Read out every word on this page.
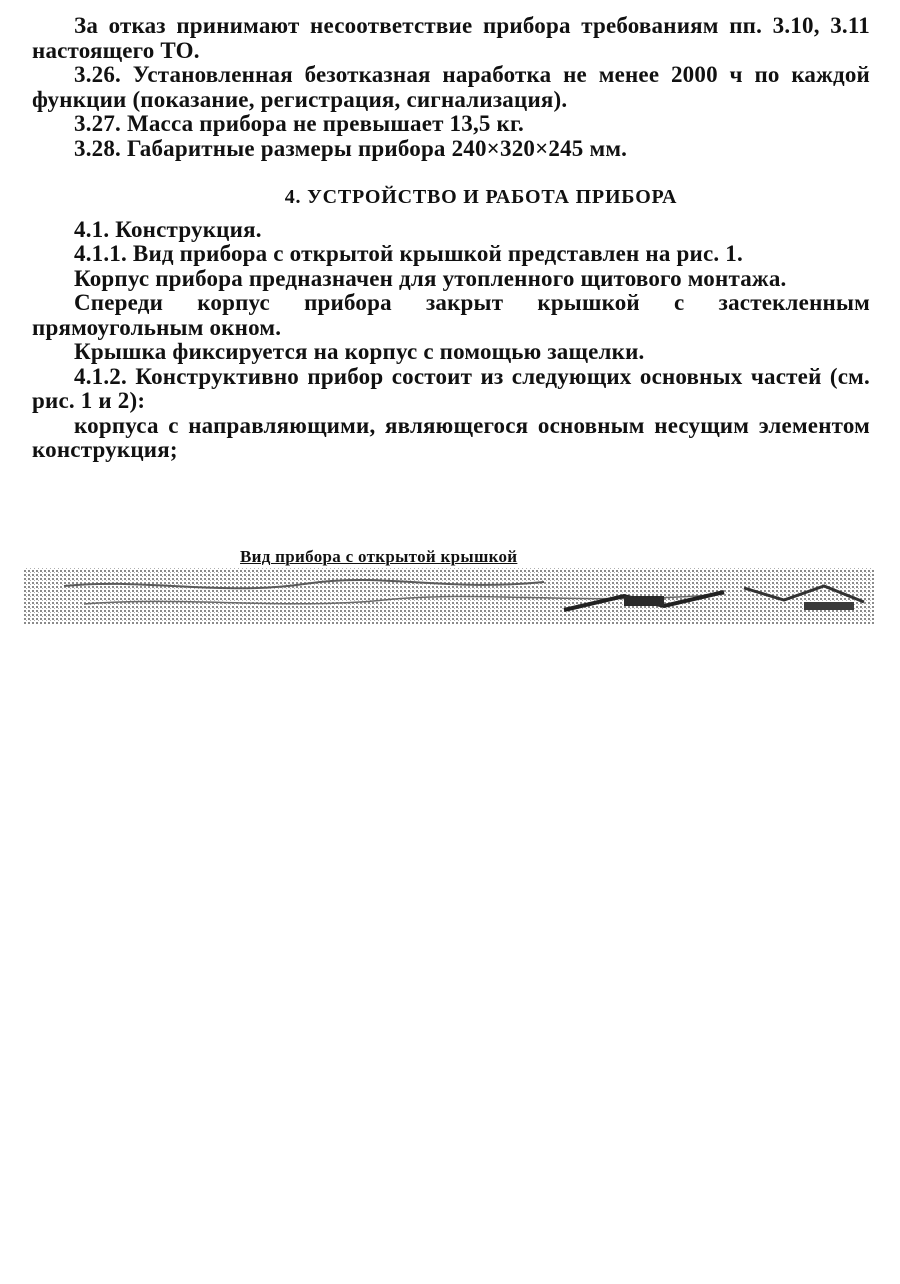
За отказ принимают несоответствие прибора требованиям пп. 3.10, 3.11 настоящего ТО.

3.26. Установленная безотказная наработка не менее 2000 ч по каждой функции (показание, регистрация, сигнализация).

3.27. Масса прибора не превышает 13,5 кг.

3.28. Габаритные размеры прибора 240×320×245 мм.

4. УСТРОЙСТВО И РАБОТА ПРИБОРА

4.1. Конструкция.

4.1.1. Вид прибора с открытой крышкой представлен на рис. 1.

Корпус прибора предназначен для утопленного щитового монтажа.

Спереди корпус прибора закрыт крышкой с застекленным прямоугольным окном.

Крышка фиксируется на корпус с помощью защелки.

4.1.2. Конструктивно прибор состоит из следующих основных частей (см. рис. 1 и 2):

корпуса с направляющими, являющегося основным несущим элементом конструкция;

Вид прибора с открытой крышкой
